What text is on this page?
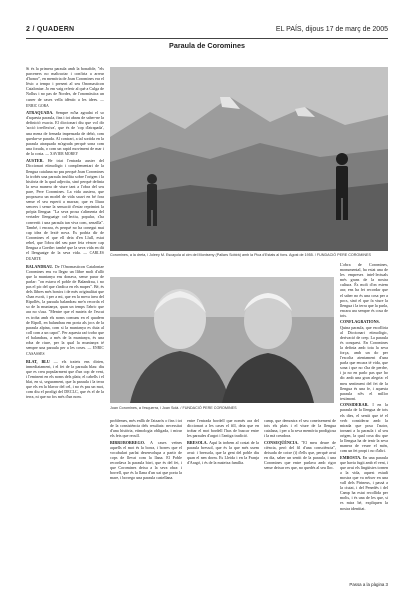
2 / QUADERN	EL PAÍS, dijous 17 de març de 2005
Paraula de Coromines

Si és la primera paraula amb la bonafide, "els parceners no maltractar i confiria a arrear d'honor", en memòria de Joan Coromines era el lèxic a tempo i present al seu Onomasticon Cataloniae. Jo em vaig referir al què a Culga de Nollus i no pas de Nordes, de l'onomàstica un carrer de cases vella idèntic a les idees. — ENRIC GORA

ATRAQUADA. Sempre m'ha agradat el so d'aquesta paraula, fins i tot abans de saber-ne la definició exacta. El diccionari diu que vol dir 'acció irreflexiva', que és de 'cop d'atrapada', una mena de frenada impensada de debò, com quedar-se parada. Al contrari, a tal sortida en la paraula atraquada m'agrada perquè sona com una forada, o com un rapid moviment de mar i de la costa. — XAVIER MOREY

AUSTER. He triat l'entrada auster del Diccionari etimològic i complementari de la llengua catalana no pas perquè Joan Coromines la trobés una paraula insòlita sobre l'origen i la història de la qual adjectiu, sinó perquè definia la seva manera de viure tant a l'obra del seu pare, Pere Coromines. La vida austera, que proposava un model de vida sauvi en bé fora sense el seu esperit a marxar, que es lliura sencers i sense la sensació d'estar reprimint la pròpia llengua: "La seva prosa s'alimenta del vertader llenguatge col·lectiu, popular, s'ha convertit i una paraula tan viva com, senzilla". També, i encara, és perquè no ha conegut mai cap idea de lexiè nova. Es podria dir de Coromines el que ell deia d'en Llull, estat rebel, que l'obra del seu pare feia vèncer cap llengua a Goethe: també que la seva vida en dit el llenguatge de la seva vida. — CARLES DUARTE

BALANDRAU. De l'Onomasticon Cataloniae Coromines ens va llegar un llibre molt d'allò que la muntanya ens donava, sense parar de parlar: "on estava el poble de Balandrau, i no pas el pic del que s'indica en els mapes". Bé, és dels llibres més bonics i de més originalitat que s'han escrit, i per a mi, que en la meva àrea del Ripollès, la paraula balandrau me'n recorda el so de la muntanya, quan un temps l'abric que ara no s'usa. "Mentre que el mateix de l'escut es troba amb els noms comuns en el quadern de Ripoll, en balandrau em porta als jocs de la paraula alpina, com si la muntanya es duia al coll com a un capot". Per aquesta raó trobo que el balandrau, a més de la muntanya, és una roba de riure, per la qual la muntanya té sempre una paraula per a les coses. — ENRIC CASASSES

BLAT, BLU — els traiets ens dirien, inmediatament, i el fet de la paraula blau: diu que es creu popularment que d'un cop de vent, i l'eminent en els noms dels plats; el cabells i el blat, en si, segurament, que la paraula i la terra que els en la blavor del cel, i no és pas un mot, com diu el prodigi del DECLC, que és el de la terra, ni que no fos més d'un nom.

Coromines, a la dreta, i Joleey M. Escayola al cim del Montseny (Pallars Sobirà) amb la Pica d'Estats al fons. Agost de 1955. / FUNDACIÓ PERE COROMINES
Joan Coromines, a l'esquerra, i Joan Solà. / FUNDACIÓ PERE COROMINES

L'obra de Coromines, monumental, ha estat una de les empreses intel·lectuals més grans de la nostra cultura. És molt d'on estem ara; ens ha fet recordar que el saber no és una cosa per a pocs, sinó el que fa viure la llengua i la terra que la parla, encara ara sempre és cosa de tots.

CONFLAGRATIONS. Quina paraula, que escolliria al Diccionari etimològic, derivació de crep. La paraula és conquest. En Coromines la definia amb tota la seva força, amb un do per l'escolta atentament d'una parla que encara té vida, que sona i que no s'ha de perdre, i ja no en parlo pas que ho dic amb una gran alegria: el meu sentiment del fet de la llengua és una fe, i aquesta paraula n'és el millor testimoni.

CONSIDERAR. I en la paraula de la llengua de tots els dies, el sentit que té el verb considerar amb la mirada que posa l'autor, tornant a la paraula i al seu origen, la qual cosa diu que la llengua ha de tenir la seva manera de veure el món, com un fet propi i no d'altri.

EMBOSTA. En una paraula que havia fugit amb el vent, i que avui els lingüistes tornen a la vida, aquest estudi mostra que va néixer en una vall dels Pirineus, i passà a la ciutat, i del Penedès i del Camp ha estat recollida per molts, i és una de les que, si es mira bé, expliquen la nostra identitat.

problemes, més enllà de l'atzarós o fins i tot de la consistència dels resultats: necessitat d'una història, etimologia obligada, i mirar els fets que recull.

BIRRI/BORREGO. A cases veïnes aquells el mot és la borra, i borres que el vocabulari parlat desenvolupa a partir de cops de llevat com la llana. El Poble recordava la paraula birri, que és del fet, i que Coromines deixa a la seva obra: i borrell, que és la llana d'un xai que porta la mare, i borrego una paraula castellana.

entre l'entrada bordell que només ara del diccionari a les cases el fill, deia que en trobar el mot bordell l'has de buscar entre les paraules d'argot i l'antiga tradició.

BRESOLA. Aquí la trobem al costat de la paraula bressol, que és la que més usem avui: i bressola, que la gent del poble diu quan el nen dorm. Es Lleida i en la Franja d'Aragó, i és de la mateixa família.

camp, que demostra el seu coneixement de tots els plats i el viure de la llengua catalana, i per a la seva memòria prodigiosa i la mà creadora.

CONSEQÜÈNCIA. "El meu deure de ciència, però del fil d'una consciència", deixada de cotxe (i) d'ells que, perquè avui en dia, saber un sentit de la paraula, i una Coromines que entre parlava amb rigor sense deixar res que, no quedés al seu lloc.

Passa a la pàgina 3
